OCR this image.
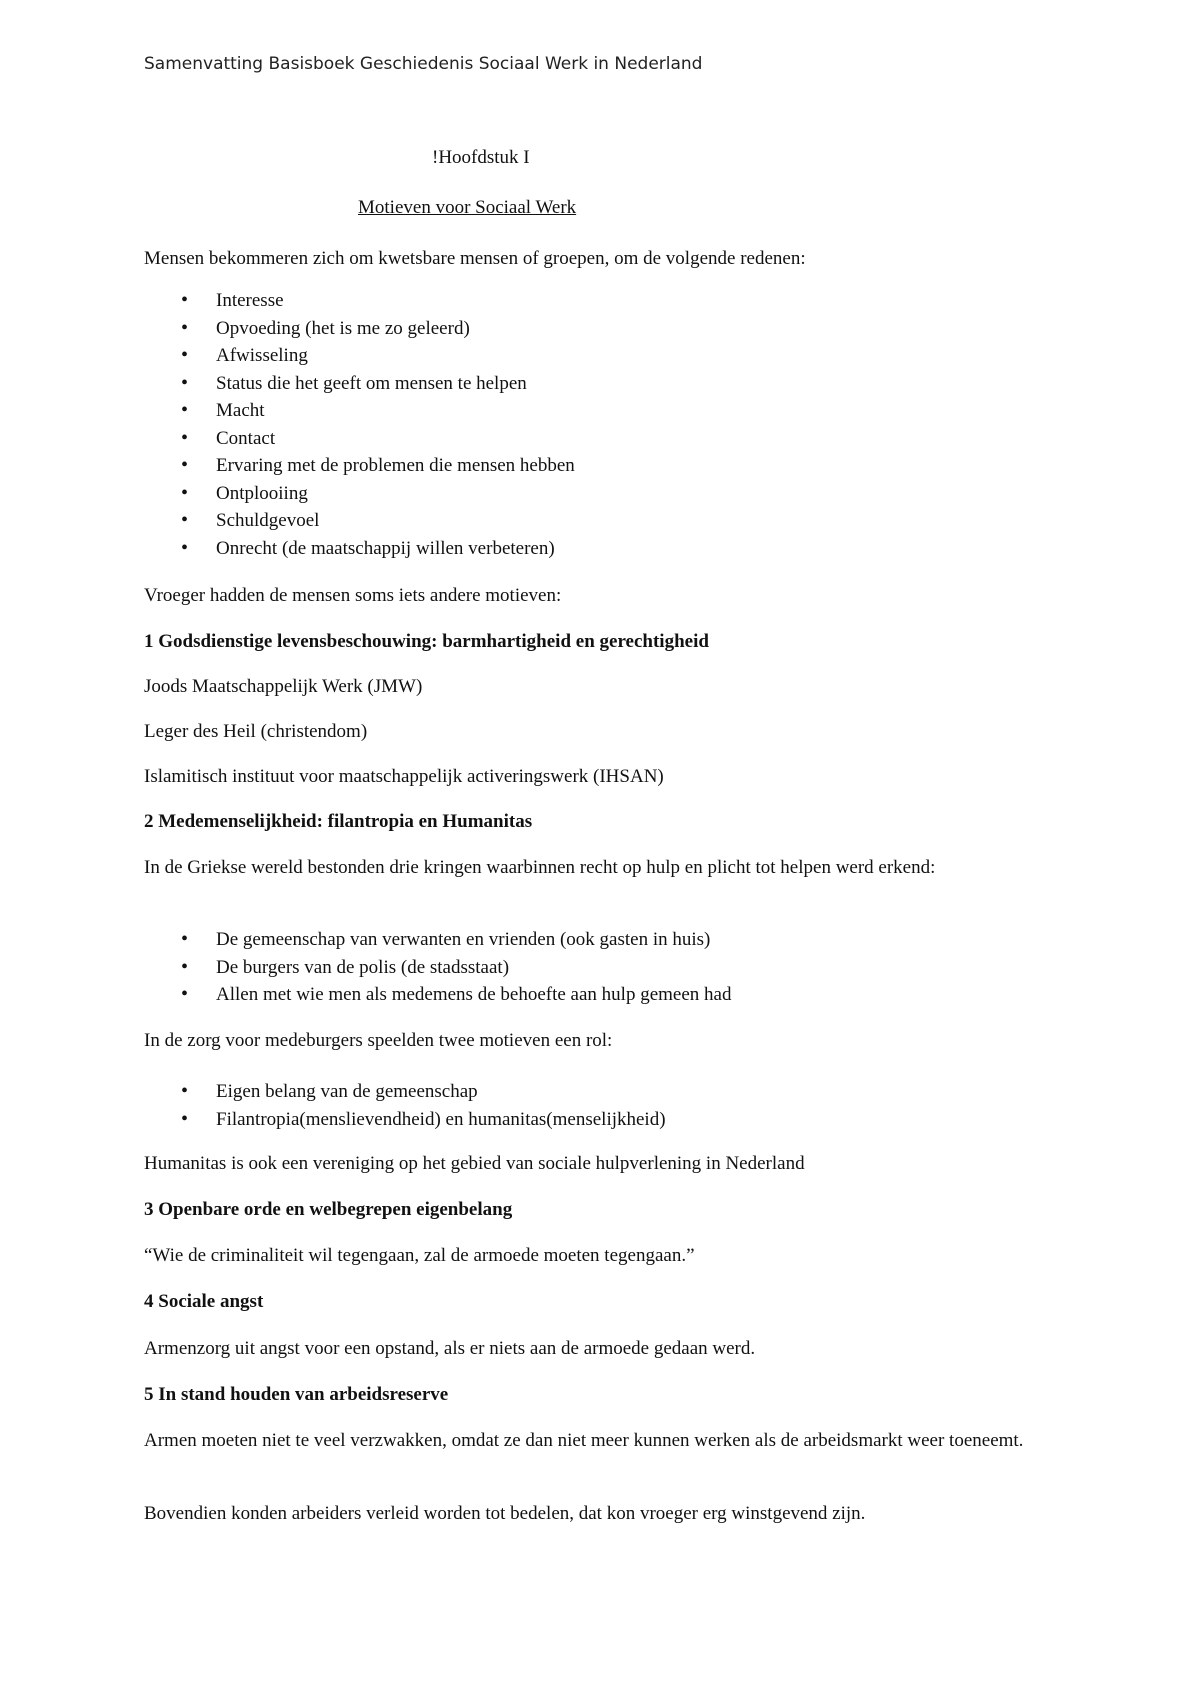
Samenvatting Basisboek Geschiedenis Sociaal Werk in Nederland
!Hoofdstuk I
Motieven voor Sociaal Werk

Mensen bekommeren zich om kwetsbare mensen of groepen, om de volgende redenen:

• Interesse
• Opvoeding (het is me zo geleerd)
• Afwisseling
• Status die het geeft om mensen te helpen
• Macht
• Contact
• Ervaring met de problemen die mensen hebben
• Ontplooiing
• Schuldgevoel
• Onrecht (de maatschappij willen verbeteren)

Vroeger hadden de mensen soms iets andere motieven:

1 Godsdienstige levensbeschouwing: barmhartigheid en gerechtigheid

Joods Maatschappelijk Werk (JMW)

Leger des Heil (christendom)

Islamitisch instituut voor maatschappelijk activeringswerk (IHSAN)

2 Medemenselijkheid: filantropia en Humanitas

In de Griekse wereld bestonden drie kringen waarbinnen recht op hulp en plicht tot helpen werd erkend:

• De gemeenschap van verwanten en vrienden (ook gasten in huis)
• De burgers van de polis (de stadsstaat)
• Allen met wie men als medemens de behoefte aan hulp gemeen had

In de zorg voor medeburgers speelden twee motieven een rol:

• Eigen belang van de gemeenschap
• Filantropia(menslievendheid) en humanitas(menselijkheid)

Humanitas is ook een vereniging op het gebied van sociale hulpverlening in Nederland

3 Openbare orde en welbegrepen eigenbelang

“Wie de criminaliteit wil tegengaan, zal de armoede moeten tegengaan.”

4 Sociale angst

Armenzorg uit angst voor een opstand, als er niets aan de armoede gedaan werd.

5 In stand houden van arbeidsreserve

Armen moeten niet te veel verzwakken, omdat ze dan niet meer kunnen werken als de arbeidsmarkt weer toeneemt.

Bovendien konden arbeiders verleid worden tot bedelen, dat kon vroeger erg winstgevend zijn.
